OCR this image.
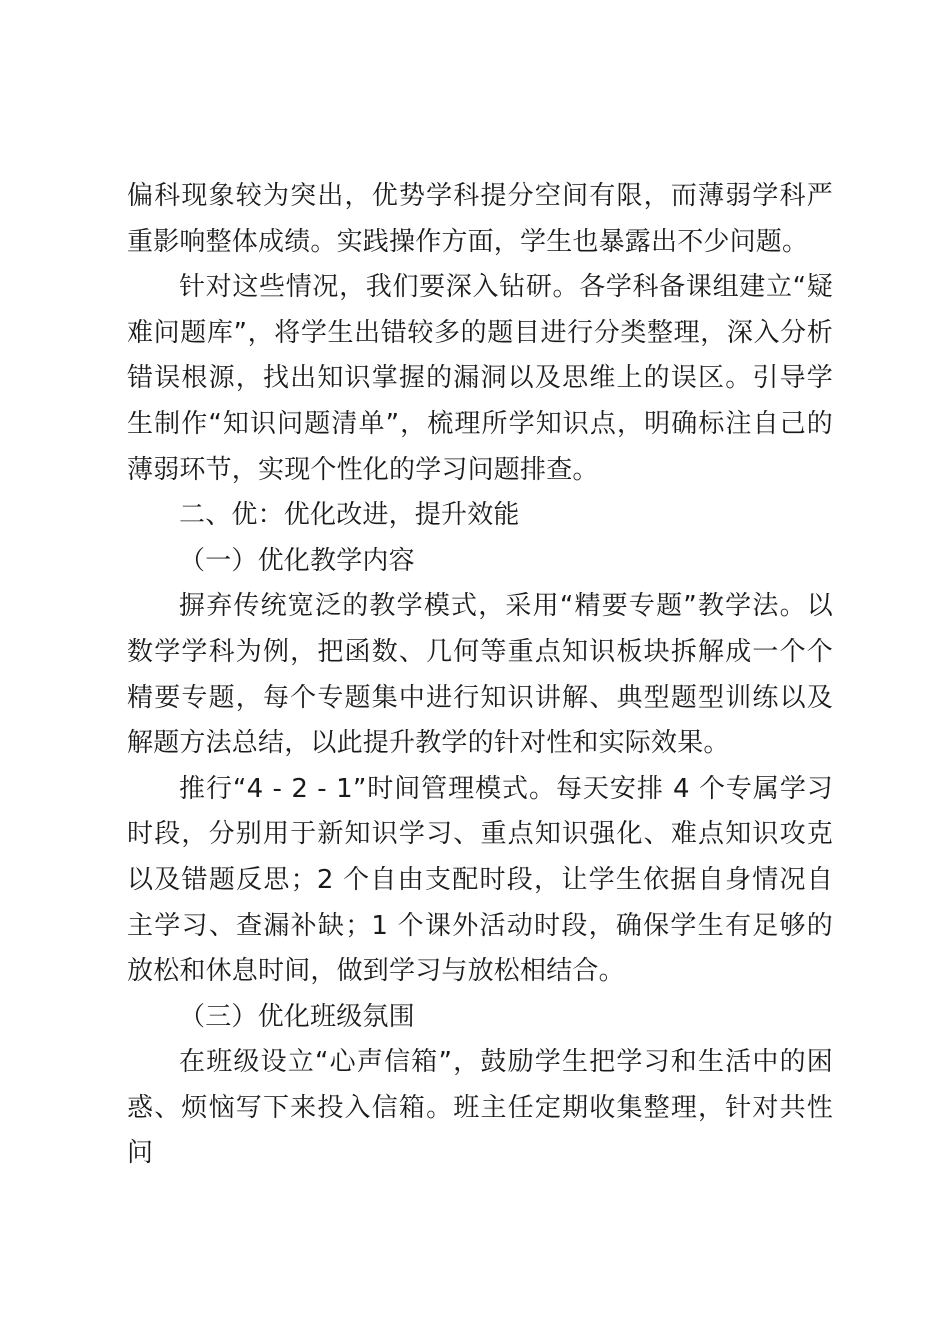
偏科现象较为突出，优势学科提分空间有限，而薄弱学科严重影响整体成绩。实践操作方面，学生也暴露出不少问题。

针对这些情况，我们要深入钻研。各学科备课组建立“疑难问题库”，将学生出错较多的题目进行分类整理，深入分析错误根源，找出知识掌握的漏洞以及思维上的误区。引导学生制作“知识问题清单”，梳理所学知识点，明确标注自己的薄弱环节，实现个性化的学习问题排查。

二、优：优化改进，提升效能

（一）优化教学内容

摒弃传统宽泛的教学模式，采用“精要专题”教学法。以数学学科为例，把函数、几何等重点知识板块拆解成一个个精要专题，每个专题集中进行知识讲解、典型题型训练以及解题方法总结，以此提升教学的针对性和实际效果。

推行“4 - 2 - 1”时间管理模式。每天安排 4 个专属学习时段，分别用于新知识学习、重点知识强化、难点知识攻克以及错题反思；2 个自由支配时段，让学生依据自身情况自主学习、查漏补缺；1 个课外活动时段，确保学生有足够的放松和休息时间，做到学习与放松相结合。

（三）优化班级氛围

在班级设立“心声信箱”，鼓励学生把学习和生活中的困惑、烦恼写下来投入信箱。班主任定期收集整理，针对共性问
